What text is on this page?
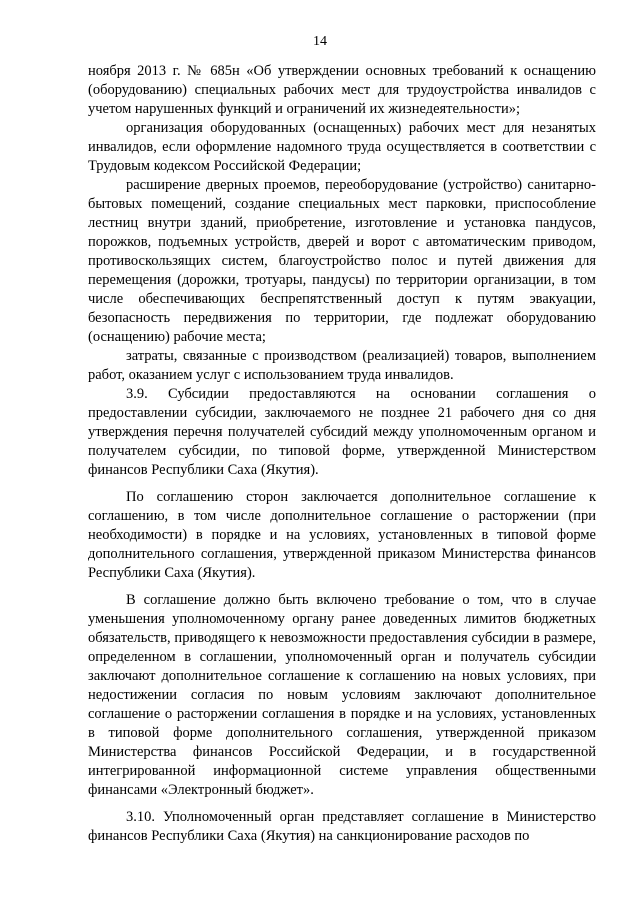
14

ноября 2013 г. № 685н «Об утверждении основных требований к оснащению (оборудованию) специальных рабочих мест для трудоустройства инвалидов с учетом нарушенных функций и ограничений их жизнедеятельности»;

организация оборудованных (оснащенных) рабочих мест для незанятых инвалидов, если оформление надомного труда осуществляется в соответствии с Трудовым кодексом Российской Федерации;

расширение дверных проемов, переоборудование (устройство) санитарно-бытовых помещений, создание специальных мест парковки, приспособление лестниц внутри зданий, приобретение, изготовление и установка пандусов, порожков, подъемных устройств, дверей и ворот с автоматическим приводом, противоскользящих систем, благоустройство полос и путей движения для перемещения (дорожки, тротуары, пандусы) по территории организации, в том числе обеспечивающих беспрепятственный доступ к путям эвакуации, безопасность передвижения по территории, где подлежат оборудованию (оснащению) рабочие места;

затраты, связанные с производством (реализацией) товаров, выполнением работ, оказанием услуг с использованием труда инвалидов.

3.9. Субсидии предоставляются на основании соглашения о предоставлении субсидии, заключаемого не позднее 21 рабочего дня со дня утверждения перечня получателей субсидий между уполномоченным органом и получателем субсидии, по типовой форме, утвержденной Министерством финансов Республики Саха (Якутия).

По соглашению сторон заключается дополнительное соглашение к соглашению, в том числе дополнительное соглашение о расторжении (при необходимости) в порядке и на условиях, установленных в типовой форме дополнительного соглашения, утвержденной приказом Министерства финансов Республики Саха (Якутия).

В соглашение должно быть включено требование о том, что в случае уменьшения уполномоченному органу ранее доведенных лимитов бюджетных обязательств, приводящего к невозможности предоставления субсидии в размере, определенном в соглашении, уполномоченный орган и получатель субсидии заключают дополнительное соглашение к соглашению на новых условиях, при недостижении согласия по новым условиям заключают дополнительное соглашение о расторжении соглашения в порядке и на условиях, установленных в типовой форме дополнительного соглашения, утвержденной приказом Министерства финансов Российской Федерации, и в государственной интегрированной информационной системе управления общественными финансами «Электронный бюджет».

3.10. Уполномоченный орган представляет соглашение в Министерство финансов Республики Саха (Якутия) на санкционирование расходов по
